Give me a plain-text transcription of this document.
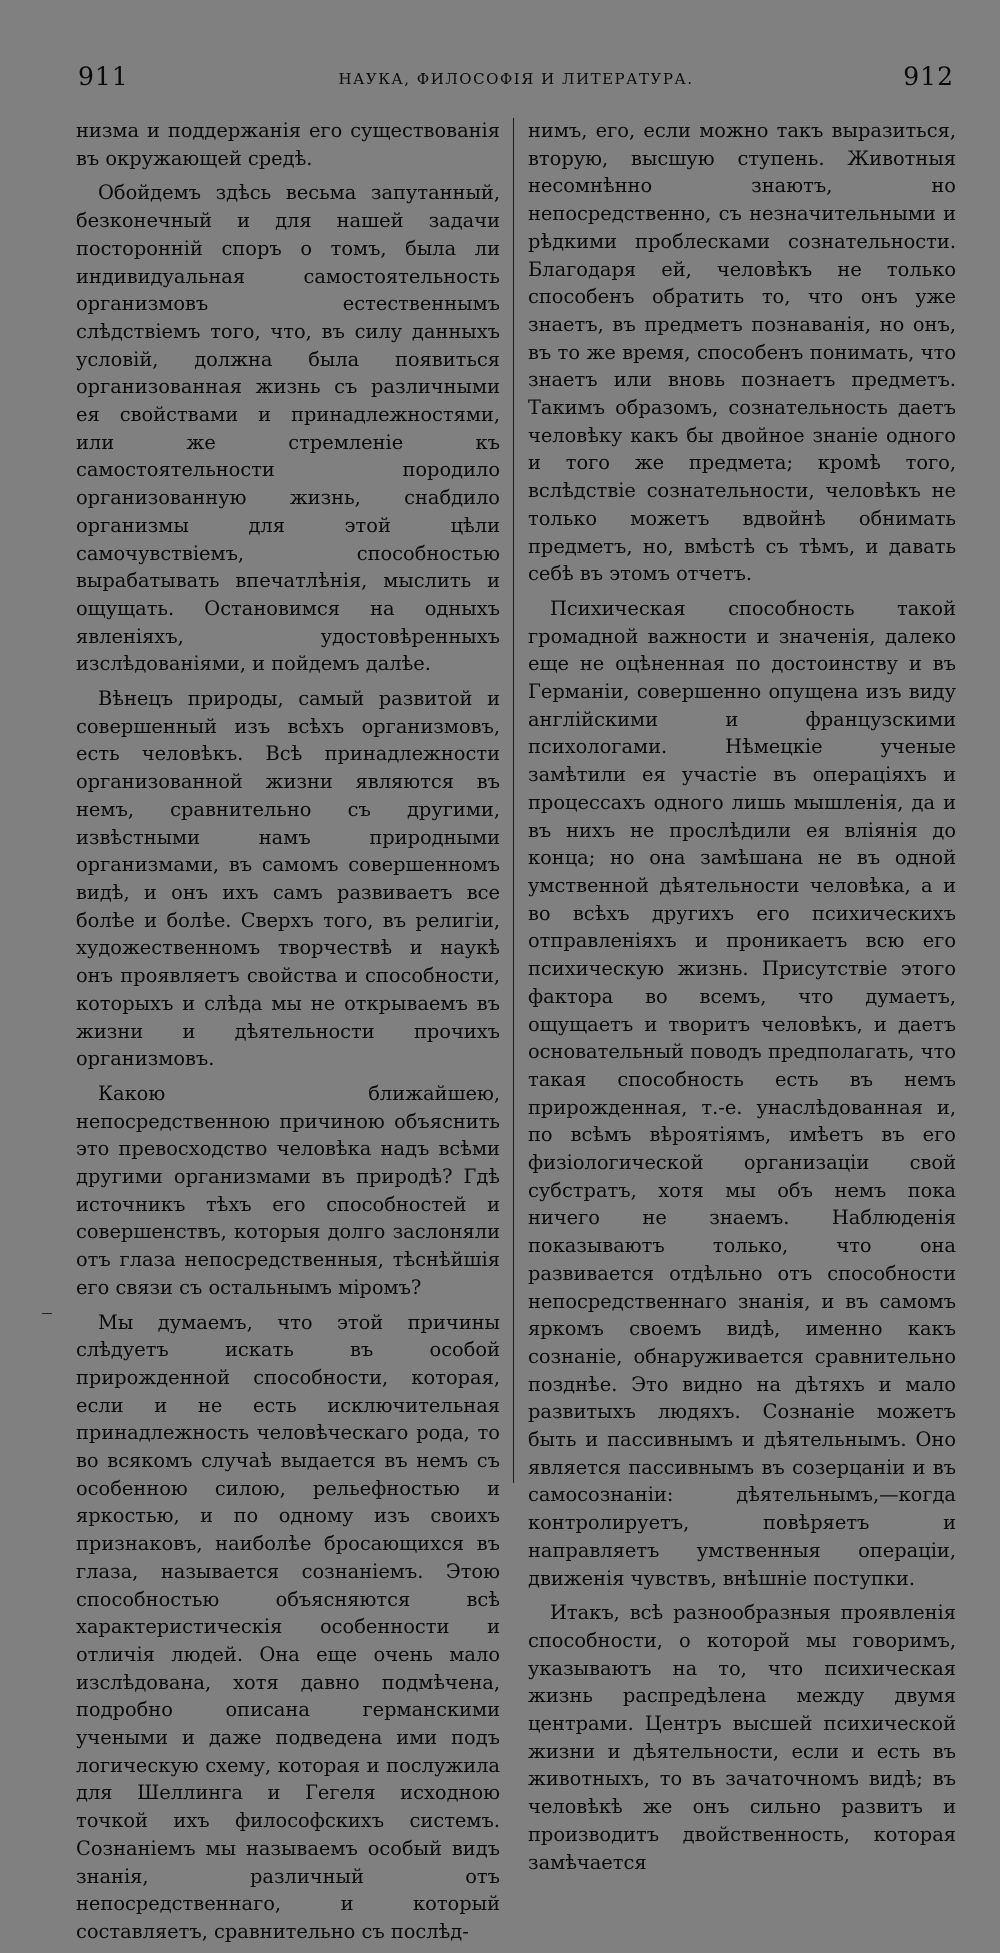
911	НАУКА, ФИЛОСОФІЯ И ЛИТЕРАТУРА.	912

низма и поддержанія его существованія въ окружающей средѣ.

Обойдемъ здѣсь весьма запутанный, безконечный и для нашей задачи посторонній споръ о томъ, была ли индивидуальная самостоятельность организмовъ естественнымъ слѣдствіемъ того, что, въ силу данныхъ условій, должна была появиться организованная жизнь съ различными ея свойствами и принадлежностями, или же стремленіе къ самостоятельности породило организованную жизнь, снабдило организмы для этой цѣли самочувствіемъ, способностью вырабатывать впечатлѣнія, мыслить и ощущать. Остановимся на одныхъ явленіяхъ, удостовѣренныхъ изслѣдованіями, и пойдемъ далѣе.

Вѣнецъ природы, самый развитой и совершенный изъ всѣхъ организмовъ, есть человѣкъ. Всѣ принадлежности организованной жизни являются въ немъ, сравнительно съ другими, извѣстными намъ природными организмами, въ самомъ совершенномъ видѣ, и онъ ихъ самъ развиваетъ все болѣе и болѣе. Сверхъ того, въ религіи, художественномъ творчествѣ и наукѣ онъ проявляетъ свойства и способности, которыхъ и слѣда мы не открываемъ въ жизни и дѣятельности прочихъ организмовъ.

Какою ближайшею, непосредственною причиною объяснить это превосходство человѣка надъ всѣми другими организмами въ природѣ? Гдѣ источникъ тѣхъ его способностей и совершенствъ, которыя долго заслоняли отъ глаза непосредственныя, тѣснѣйшія его связи съ остальнымъ міромъ?

Мы думаемъ, что этой причины слѣдуетъ искать въ особой прирожденной способности, которая, если и не есть исключительная принадлежность человѣческаго рода, то во всякомъ случаѣ выдается въ немъ съ особенною силою, рельефностью и яркостью, и по одному изъ своихъ признаковъ, наиболѣе бросающихся въ глаза, называется сознаніемъ. Этою способностью объясняются всѣ характеристическія особенности и отличія людей. Она еще очень мало изслѣдована, хотя давно подмѣчена, подробно описана германскими учеными и даже подведена ими подъ логическую схему, которая и послужила для Шеллинга и Гегеля исходною точкой ихъ философскихъ системъ. Сознаніемъ мы называемъ особый видъ знанія, различный отъ непосредственнаго, и который составляетъ, сравнительно съ послѣд-

нимъ, его, если можно такъ выразиться, вторую, высшую ступень. Животныя несомнѣнно знаютъ, но непосредственно, съ незначительными и рѣдкими проблесками сознательности. Благодаря ей, человѣкъ не только способенъ обратить то, что онъ уже знаетъ, въ предметъ познаванія, но онъ, въ то же время, способенъ понимать, что знаетъ или вновь познаетъ предметъ. Такимъ образомъ, сознательность даетъ человѣку какъ бы двойное знаніе одного и того же предмета; кромѣ того, вслѣдствіе сознательности, человѣкъ не только можетъ вдвойнѣ обнимать предметъ, но, вмѣстѣ съ тѣмъ, и давать себѣ въ этомъ отчетъ.

Психическая способность такой громадной важности и значенія, далеко еще не оцѣненная по достоинству и въ Германіи, совершенно опущена изъ виду англійскими и французскими психологами. Нѣмецкіе ученые замѣтили ея участіе въ операціяхъ и процессахъ одного лишь мышленія, да и въ нихъ не прослѣдили ея вліянія до конца; но она замѣшана не въ одной умственной дѣятельности человѣка, а и во всѣхъ другихъ его психическихъ отправленіяхъ и проникаетъ всю его психическую жизнь. Присутствіе этого фактора во всемъ, что думаетъ, ощущаетъ и творитъ человѣкъ, и даетъ основательный поводъ предполагать, что такая способность есть въ немъ прирожденная, т.-е. унаслѣдованная и, по всѣмъ вѣроятіямъ, имѣетъ въ его физіологической организаціи свой субстратъ, хотя мы объ немъ пока ничего не знаемъ. Наблюденія показываютъ только, что она развивается отдѣльно отъ способности непосредственнаго знанія, и въ самомъ яркомъ своемъ видѣ, именно какъ сознаніе, обнаруживается сравнительно позднѣе. Это видно на дѣтяхъ и мало развитыхъ людяхъ. Сознаніе можетъ быть и пассивнымъ и дѣятельнымъ. Оно является пассивнымъ въ созерцаніи и въ самосознаніи: дѣятельнымъ,—когда контролируетъ, повѣряетъ и направляетъ умственныя операціи, движенія чувствъ, внѣшніе поступки.

Итакъ, всѣ разнообразныя проявленія способности, о которой мы говоримъ, указываютъ на то, что психическая жизнь распредѣлена между двумя центрами. Центръ высшей психической жизни и дѣятельности, если и есть въ животныхъ, то въ зачаточномъ видѣ; въ человѣкѣ же онъ сильно развитъ и производитъ двойственность, которая замѣчается
